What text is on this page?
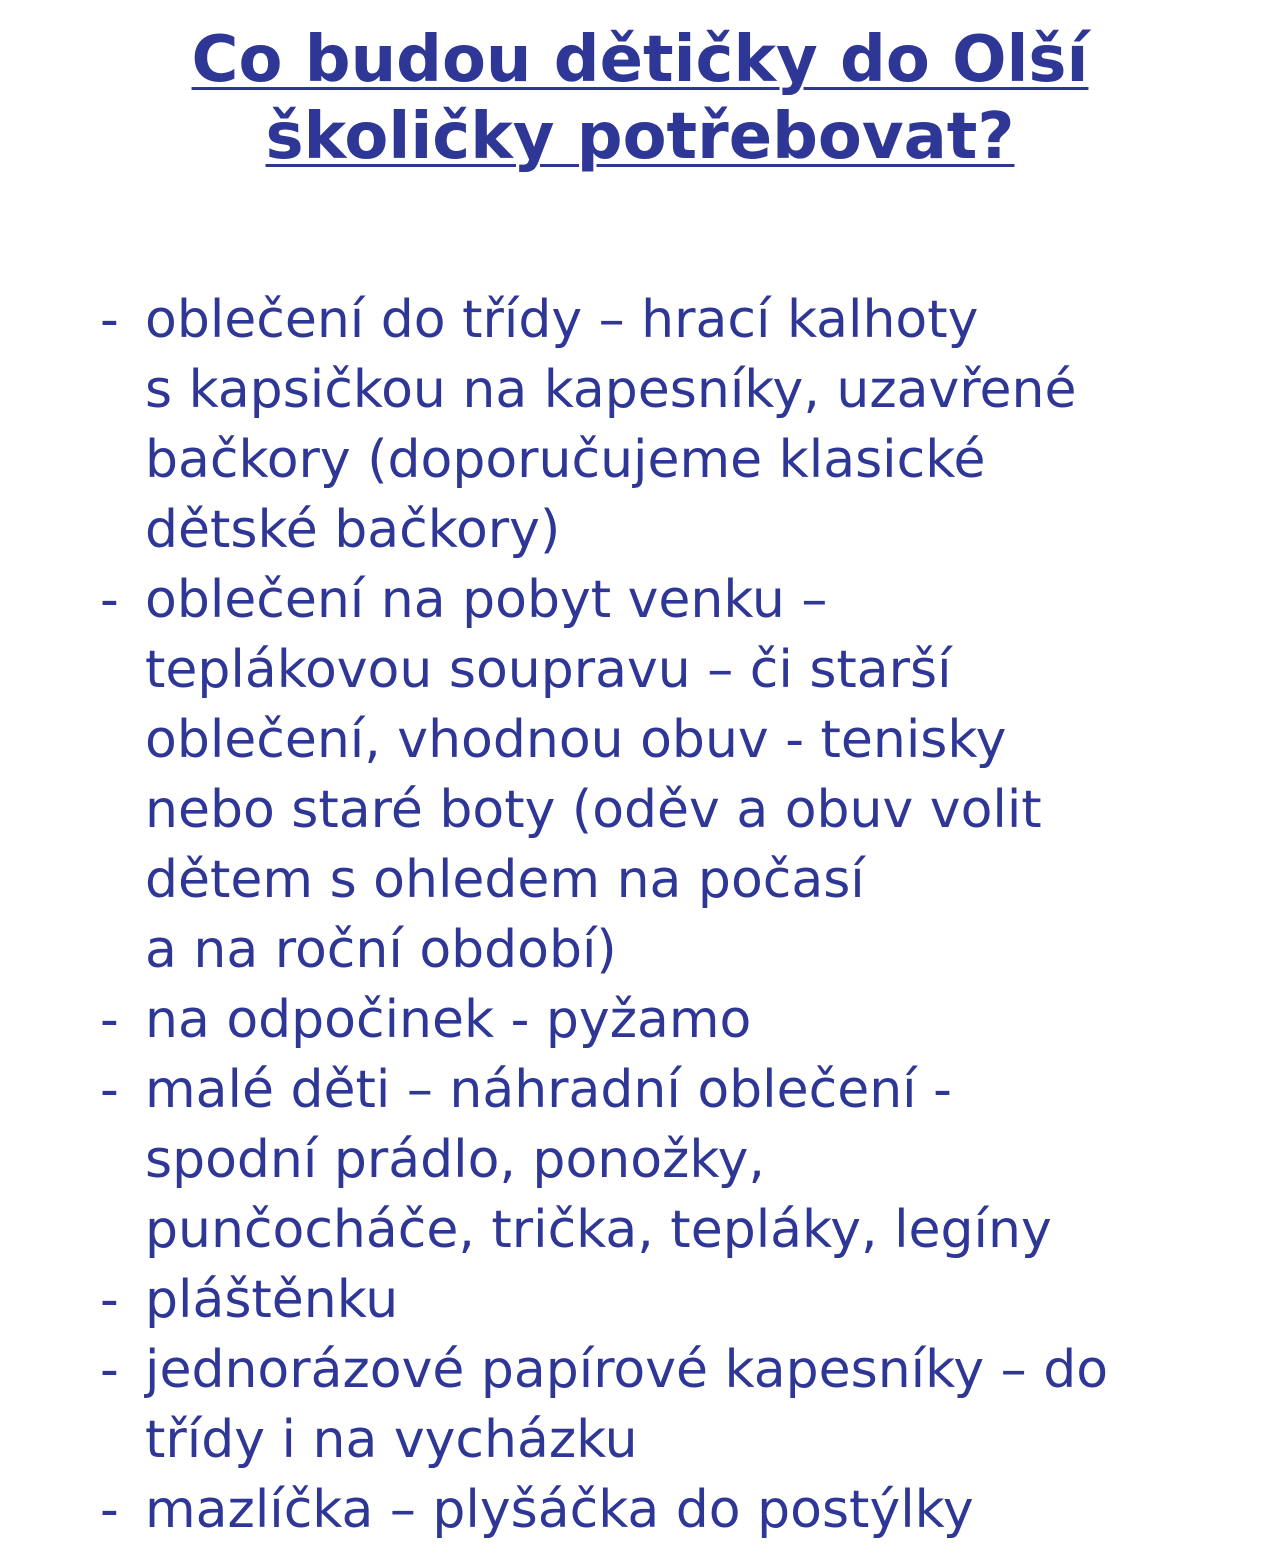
Co budou dětičky do Olší
školičky potřebovat?
- oblečení do třídy – hrací kalhoty
s kapsičkou na kapesníky, uzavřené
bačkory (doporučujeme klasické
dětské bačkory)
- oblečení na pobyt venku –
teplákovou soupravu – či starší
oblečení, vhodnou obuv - tenisky
nebo staré boty (oděv a obuv volit
dětem s ohledem na počasí
a na roční období)
- na odpočinek - pyžamo
- malé děti – náhradní oblečení -
spodní prádlo, ponožky,
punčocháče, trička, tepláky, legíny
- pláštěnku
- jednorázové papírové kapesníky – do
třídy i na vycházku
- mazlíčka – plyšáčka do postýlky
